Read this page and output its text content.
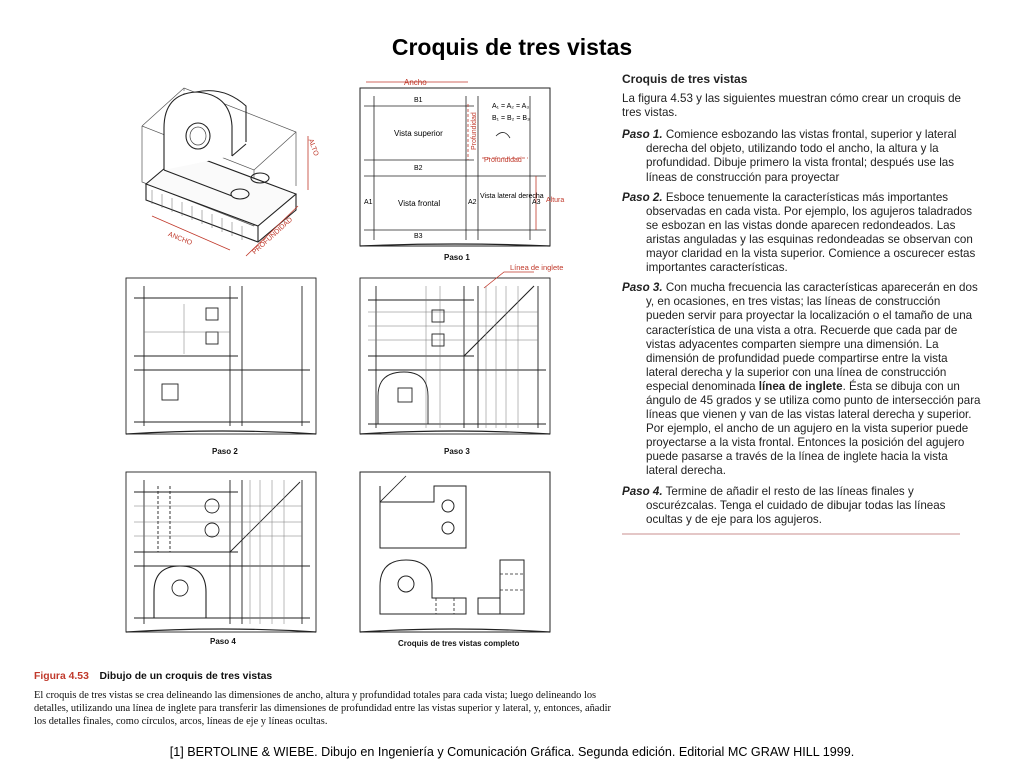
Croquis de tres vistas
ALTO
ANCHO	PROFUNDIDAD
Ancho
B1
B2
B3
A₁ = A₂ = A₃
B₁ = B₂ = B₃
Vista superior
Vista frontal
Vista lateral derecha
Profundidad
Profundidad
Altura
A1	A2	A3
Línea de inglete
Paso 1
Paso 2	Paso 3
Paso 4	Croquis de tres vistas completo
Figura 4.53 Dibujo de un croquis de tres vistas

El croquis de tres vistas se crea delineando las dimensiones de ancho, altura y profundidad totales para cada vista; luego delineando los detalles, utilizando una línea de inglete para transferir las dimensiones de profundidad entre las vistas superior y lateral, y, entonces, añadir los detalles finales, como círculos, arcos, líneas de eje y líneas ocultas.

Croquis de tres vistas
La figura 4.53 y las siguientes muestran cómo crear un croquis de tres vistas.
Paso 1. Comience esbozando las vistas frontal, superior y lateral derecha del objeto, utilizando todo el ancho, la altura y la profundidad. Dibuje primero la vista frontal; después use las líneas de construcción para proyectar
Paso 2. Esboce tenuemente la características más importantes observadas en cada vista. Por ejemplo, los agujeros taladrados se esbozan en las vistas donde aparecen redondeados. Las aristas anguladas y las esquinas redondeadas se observan con mayor claridad en la vista superior. Comience a oscurecer estas importantes características.
Paso 3. Con mucha frecuencia las características aparecerán en dos y, en ocasiones, en tres vistas; las líneas de construcción pueden servir para proyectar la localización o el tamaño de una característica de una vista a otra. Recuerde que cada par de vistas adyacentes comparten siempre una dimensión. La dimensión de profundidad puede compartirse entre la vista lateral derecha y la superior con una línea de construcción especial denominada línea de inglete. Ésta se dibuja con un ángulo de 45 grados y se utiliza como punto de intersección para líneas que vienen y van de las vistas lateral derecha y superior. Por ejemplo, el ancho de un agujero en la vista superior puede proyectarse a la vista frontal. Entonces la posición del agujero puede pasarse a través de la línea de inglete hacia la vista lateral derecha.
Paso 4. Termine de añadir el resto de las líneas finales y oscurézcalas. Tenga el cuidado de dibujar todas las líneas ocultas y de eje para los agujeros.
[1] BERTOLINE & WIEBE. Dibujo en Ingeniería y Comunicación Gráfica. Segunda edición. Editorial MC GRAW HILL 1999.
